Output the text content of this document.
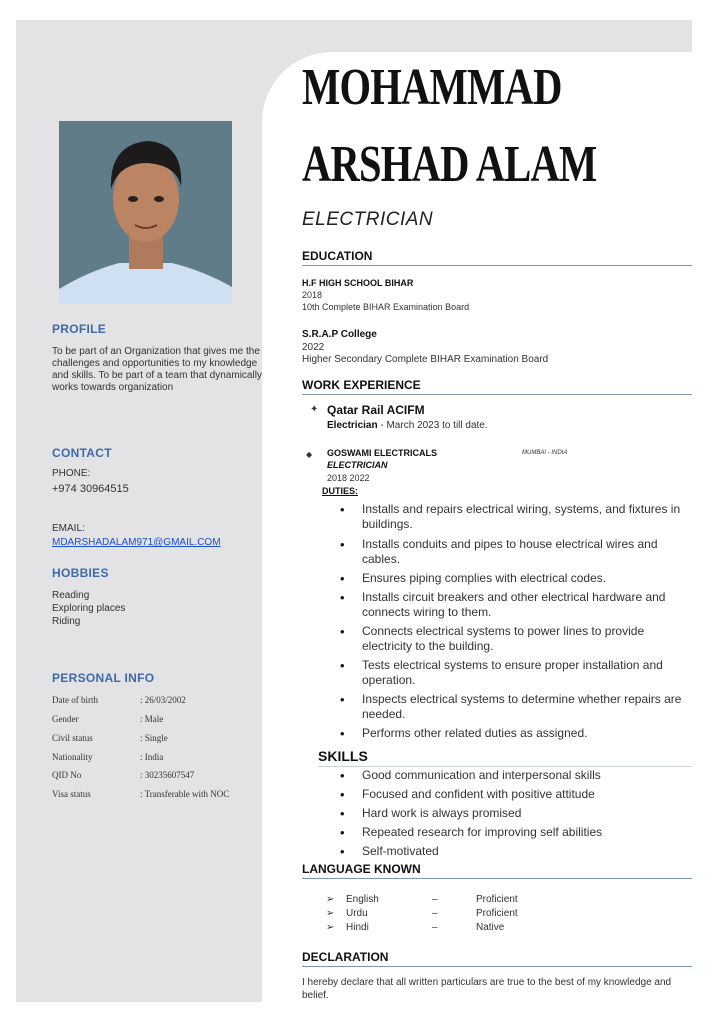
PROFILE
To be part of an Organization that gives me the challenges and opportunities to my knowledge and skills. To be part of a team that dynamically works towards organization
CONTACT
PHONE:
+974 30964515
EMAIL:
MDARSHADALAM971@GMAIL.COM
HOBBIES
Reading
Exploring places
Riding
PERSONAL INFO
Date of birth	: 26/03/2002
Gender	: Male
Civil status	: Single
Nationality	: India
QID No	: 30235607547
Visa status	: Transferable with NOC
MOHAMMAD
ARSHAD ALAM
ELECTRICIAN
EDUCATION
H.F HIGH SCHOOL BIHAR
2018
10th Complete BIHAR Examination Board
S.R.A.P College
2022
Higher Secondary Complete BIHAR Examination Board
WORK EXPERIENCE
✦ Qatar Rail ACIFM
Electrician - March 2023 to till date.
◆ GOSWAMI ELECTRICALS	MUMBAI - INDIA
ELECTRICIAN
2018 2022
DUTIES:
• Installs and repairs electrical wiring, systems, and fixtures in buildings.
• Installs conduits and pipes to house electrical wires and cables.
• Ensures piping complies with electrical codes.
• Installs circuit breakers and other electrical hardware and connects wiring to them.
• Connects electrical systems to power lines to provide electricity to the building.
• Tests electrical systems to ensure proper installation and operation.
• Inspects electrical systems to determine whether repairs are needed.
• Performs other related duties as assigned.
SKILLS
• Good communication and interpersonal skills
• Focused and confident with positive attitude
• Hard work is always promised
• Repeated research for improving self abilities
• Self-motivated
LANGUAGE KNOWN
➢ English	–	Proficient
➢ Urdu	–	Proficient
➢ Hindi	–	Native
DECLARATION
I hereby declare that all written particulars are true to the best of my knowledge and belief.
